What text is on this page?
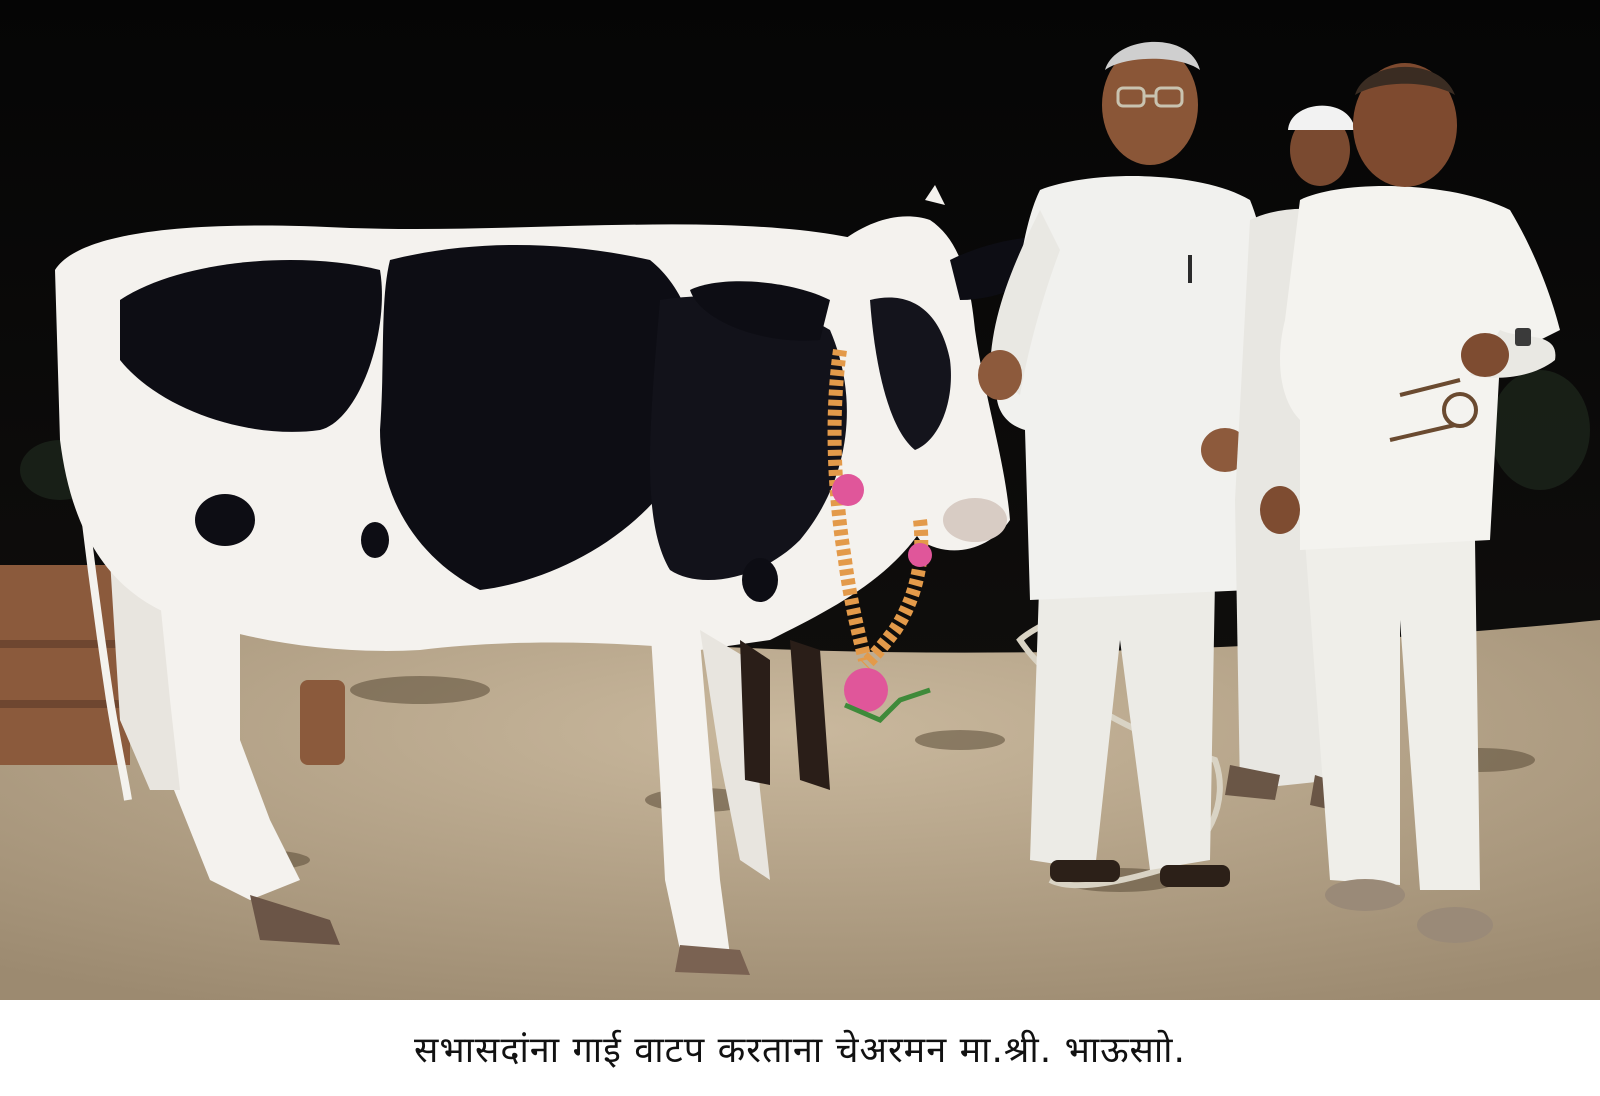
सभासदांना गाई वाटप करताना चेअरमन मा.श्री. भाऊसाो.
